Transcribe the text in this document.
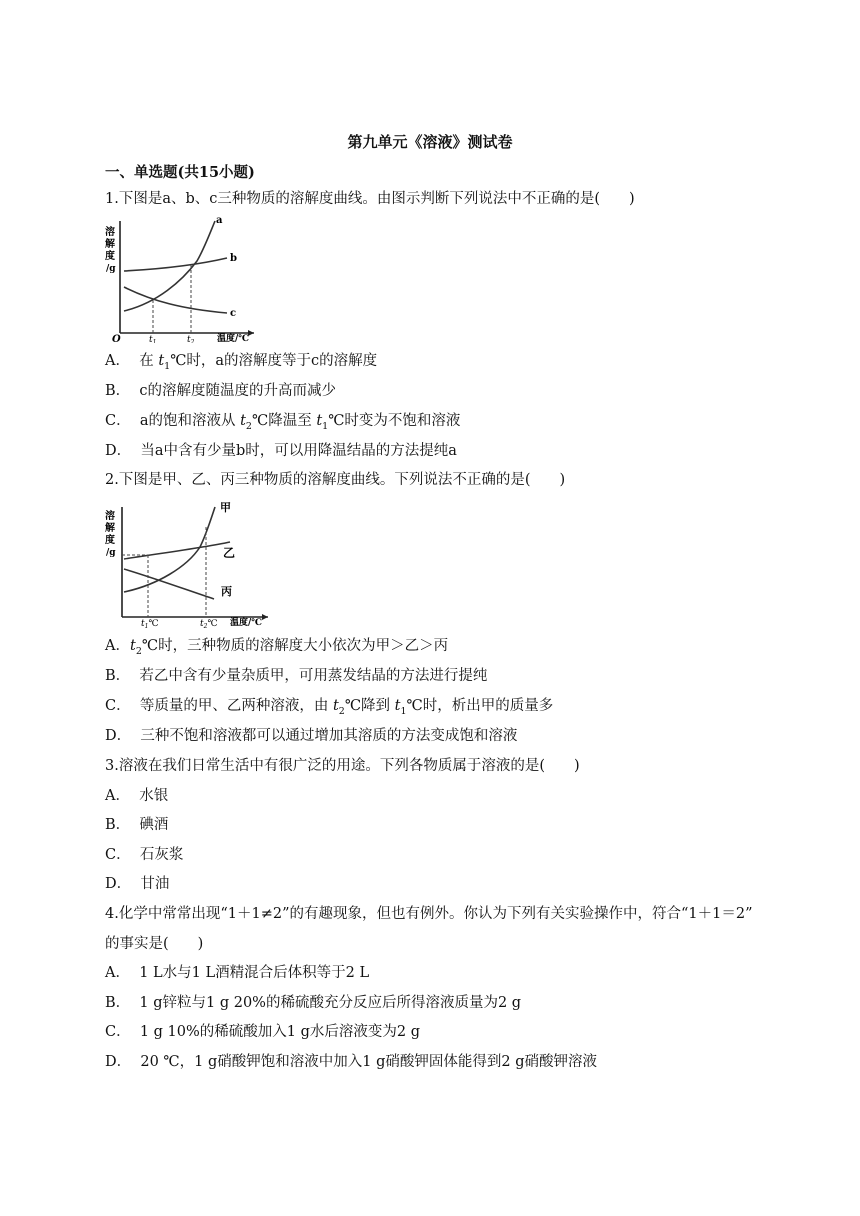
第九单元《溶液》测试卷
一、单选题(共15小题)
1.下图是a、b、c三种物质的溶解度曲线。由图示判断下列说法中不正确的是(　　)
溶
解
度
/g
a
b
c
O	$t_1$	$t_2$	温度/℃
A． 在 $t_1℃$时，a的溶解度等于c的溶解度
B． c的溶解度随温度的升高而减少
C． a的饱和溶液从 $t_2℃$降温至 $t_1℃$时变为不饱和溶液
D． 当a中含有少量b时，可以用降温结晶的方法提纯a
2.下图是甲、乙、丙三种物质的溶解度曲线。下列说法不正确的是(　　)
溶
解
度
/g
甲
乙
丙
$t_1℃$	$t_2℃$ 温度/℃
A．$t_2℃$时，三种物质的溶解度大小依次为甲＞乙＞丙
B． 若乙中含有少量杂质甲，可用蒸发结晶的方法进行提纯
C． 等质量的甲、乙两种溶液，由 $t_2℃$降到 $t_1℃$时，析出甲的质量多
D． 三种不饱和溶液都可以通过增加其溶质的方法变成饱和溶液
3.溶液在我们日常生活中有很广泛的用途。下列各物质属于溶液的是(　　)
A． 水银
B． 碘酒
C． 石灰浆
D． 甘油
4.化学中常常出现“1＋1≠2”的有趣现象，但也有例外。你认为下列有关实验操作中，符合“1＋1＝2”
的事实是(　　)
A． 1 L水与1 L酒精混合后体积等于2 L
B． 1 g锌粒与1 g 20%的稀硫酸充分反应后所得溶液质量为2 g
C． 1 g 10%的稀硫酸加入1 g水后溶液变为2 g
D． 20 ℃，1 g硝酸钾饱和溶液中加入1 g硝酸钾固体能得到2 g硝酸钾溶液
